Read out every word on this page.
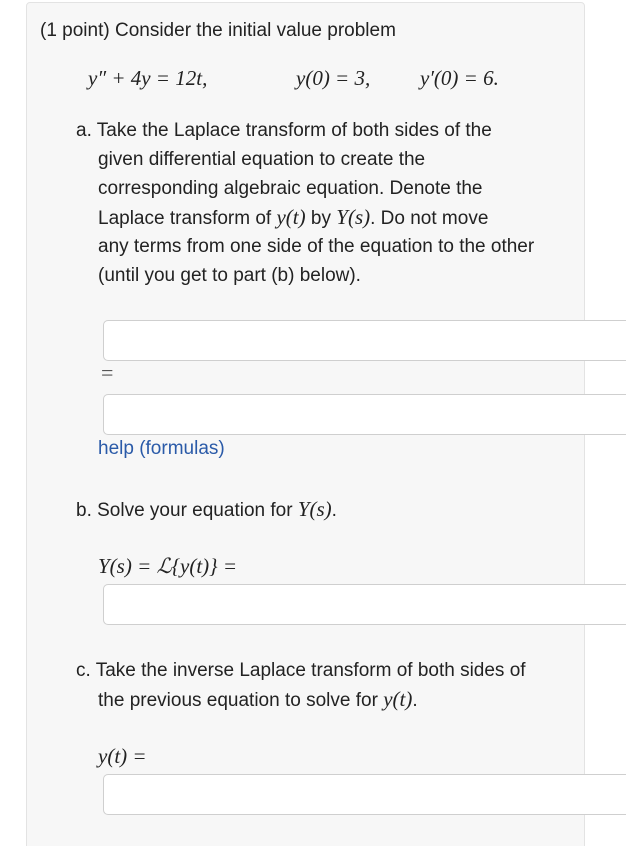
(1 point) Consider the initial value problem
y″ + 4y = 12t,	y(0) = 3, y′(0) = 6.
a. Take the Laplace transform of both sides of the
given differential equation to create the
corresponding algebraic equation. Denote the
Laplace transform of y(t) by Y(s). Do not move
any terms from one side of the equation to the other
(until you get to part (b) below).
=
help (formulas)
b. Solve your equation for Y(s).
Y(s) = ℒ{y(t)} =
c. Take the inverse Laplace transform of both sides of
the previous equation to solve for y(t).
y(t) =
